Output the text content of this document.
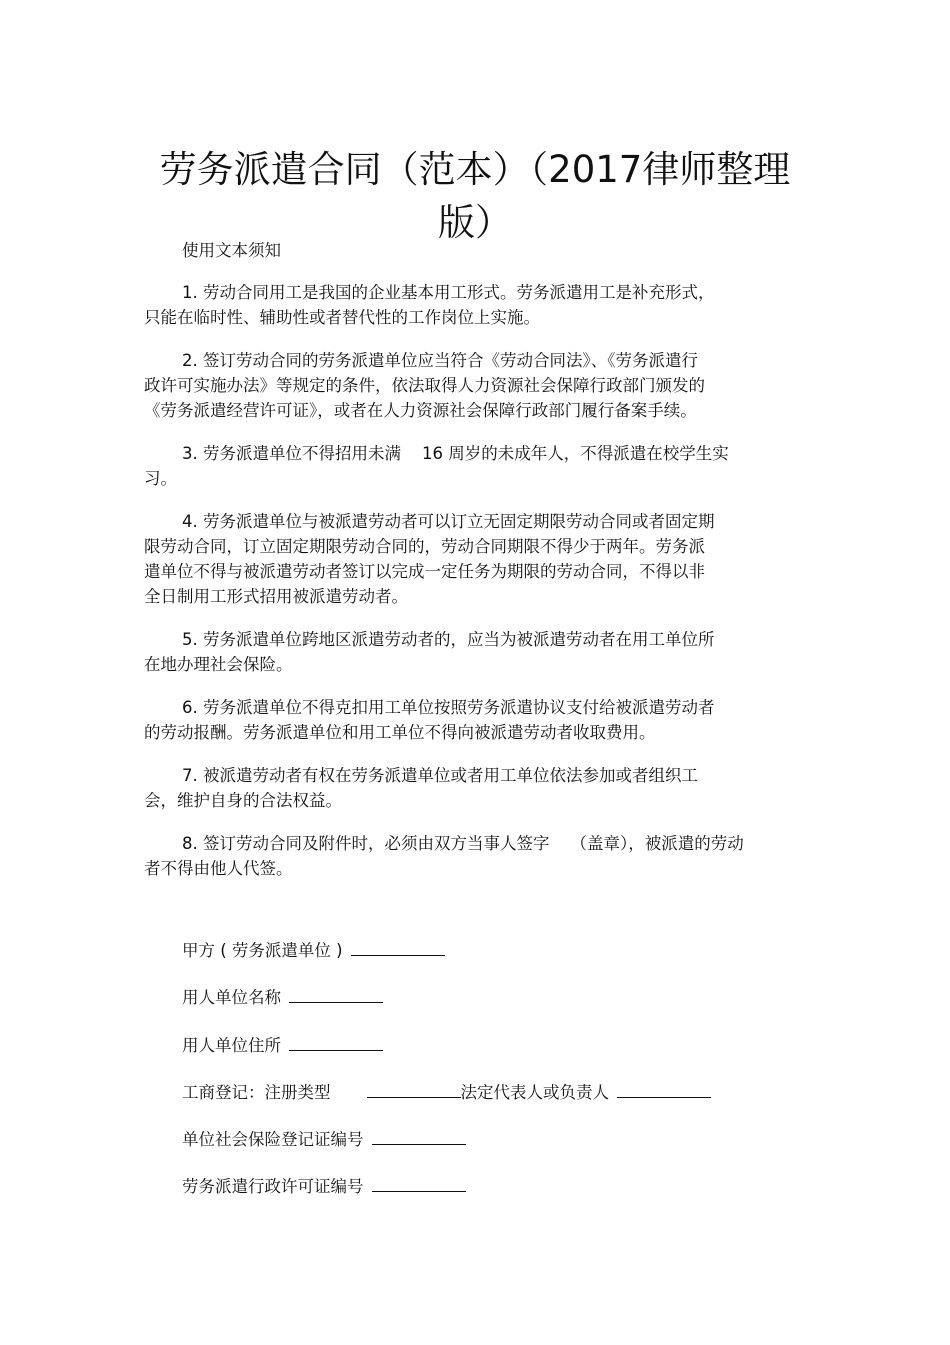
劳务派遣合同（范本）（2017律师整理
版）
使用文本须知
1. 劳动合同用工是我国的企业基本用工形式。劳务派遣用工是补充形式，
只能在临时性、辅助性或者替代性的工作岗位上实施。
2. 签订劳动合同的劳务派遣单位应当符合《劳动合同法》、《劳务派遣行
政许可实施办法》等规定的条件，依法取得人力资源社会保障行政部门颁发的
《劳务派遣经营许可证》，或者在人力资源社会保障行政部门履行备案手续。
3. 劳务派遣单位不得招用未满    16 周岁的未成年人，不得派遣在校学生实
习。
4. 劳务派遣单位与被派遣劳动者可以订立无固定期限劳动合同或者固定期
限劳动合同，订立固定期限劳动合同的，劳动合同期限不得少于两年。劳务派
遣单位不得与被派遣劳动者签订以完成一定任务为期限的劳动合同，不得以非
全日制用工形式招用被派遣劳动者。
5. 劳务派遣单位跨地区派遣劳动者的，应当为被派遣劳动者在用工单位所
在地办理社会保险。
6. 劳务派遣单位不得克扣用工单位按照劳务派遣协议支付给被派遣劳动者
的劳动报酬。劳务派遣单位和用工单位不得向被派遣劳动者收取费用。
7. 被派遣劳动者有权在劳务派遣单位或者用工单位依法参加或者组织工
会，维护自身的合法权益。
8. 签订劳动合同及附件时，必须由双方当事人签字    （盖章），被派遣的劳动
者不得由他人代签。
甲方 ( 劳务派遣单位 )
用人单位名称
用人单位住所
工商登记：注册类型	法定代表人或负责人
单位社会保险登记证编号
劳务派遣行政许可证编号
